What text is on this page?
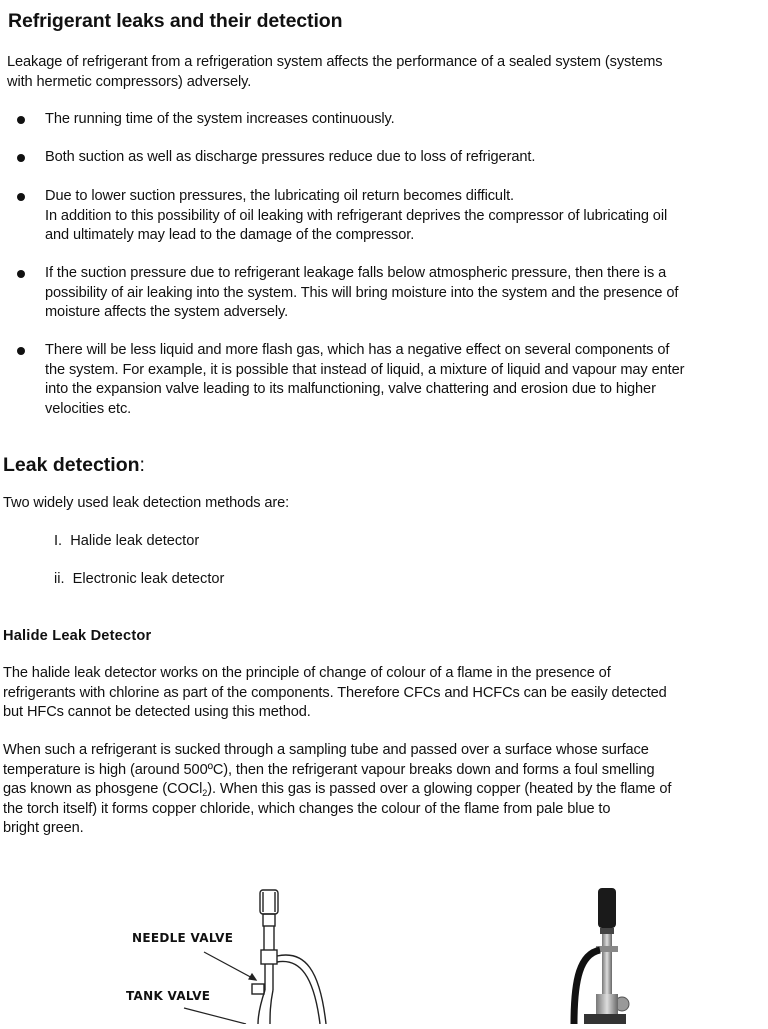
Refrigerant leaks and their detection
Leakage of refrigerant from a refrigeration system affects the performance of a sealed system (systems
with hermetic compressors) adversely.
The running time of the system increases continuously.
Both suction as well as discharge pressures reduce due to loss of refrigerant.
Due to lower suction pressures, the lubricating oil return becomes difficult.
In addition to this possibility of oil leaking with refrigerant deprives the compressor of lubricating oil
and ultimately may lead to the damage of the compressor.
If the suction pressure due to refrigerant leakage falls below atmospheric pressure, then there is a
possibility of air leaking into the system. This will bring moisture into the system and the presence of
moisture affects the system adversely.
There will be less liquid and more flash gas, which has a negative effect on several components of
the system. For example, it is possible that instead of liquid, a mixture of liquid and vapour may enter
into the expansion valve leading to its malfunctioning, valve chattering and erosion due to higher
velocities etc.
Leak detection:
Two widely used leak detection methods are:
I. Halide leak detector
ii. Electronic leak detector
Halide Leak Detector
The halide leak detector works on the principle of change of colour of a flame in the presence of
refrigerants with chlorine as part of the components. Therefore CFCs and HCFCs can be easily detected
but HFCs cannot be detected using this method.
When such a refrigerant is sucked through a sampling tube and passed over a surface whose surface
temperature is high (around 500ºC), then the refrigerant vapour breaks down and forms a foul smelling
gas known as phosgene (COCl$_2$). When this gas is passed over a glowing copper (heated by the flame of
the torch itself) it forms copper chloride, which changes the colour of the flame from pale blue to
bright green.
NEEDLE VALVE
TANK VALVE
